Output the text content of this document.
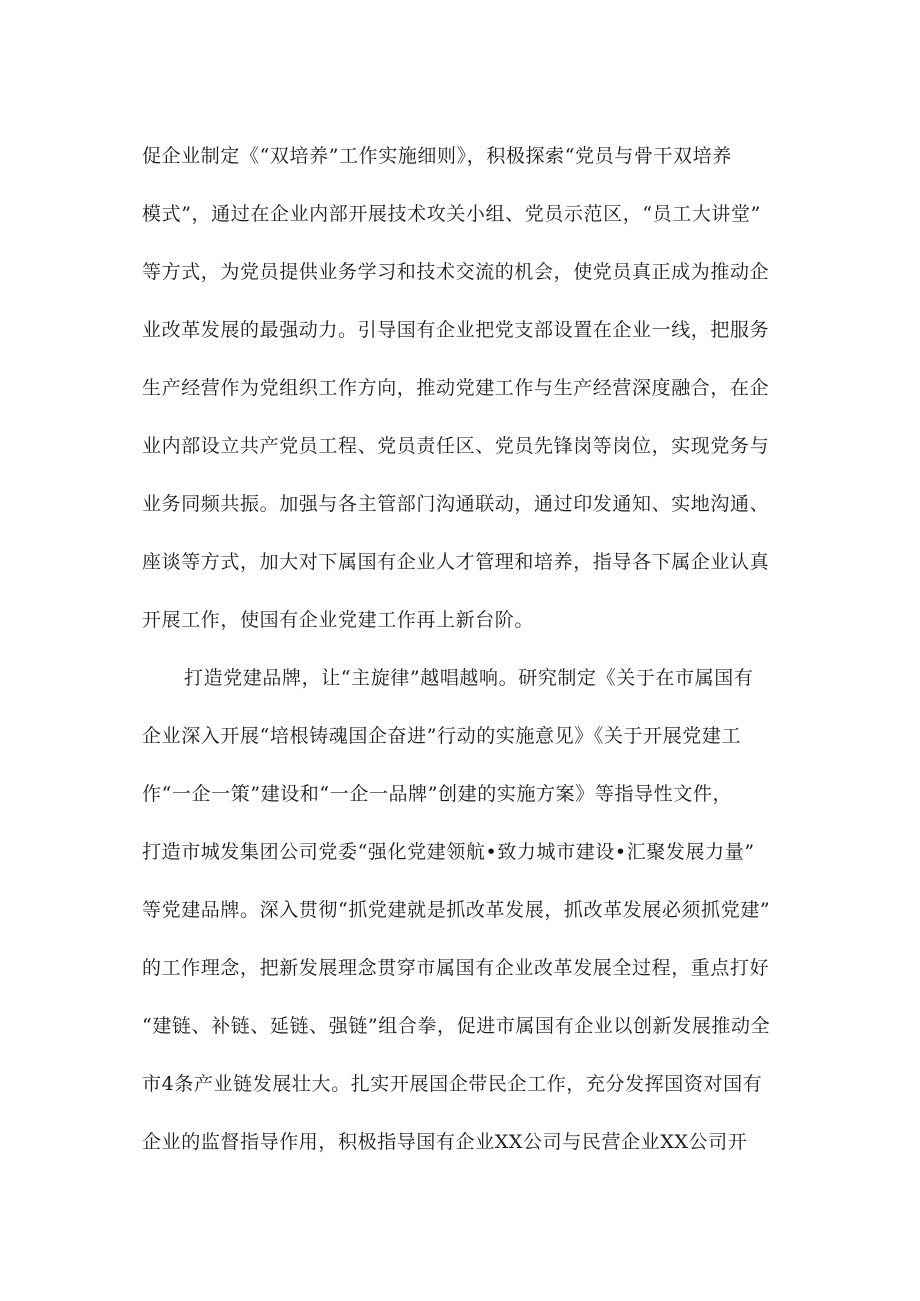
促企业制定《“双培养”工作实施细则》，积极探索“党员与骨干双培养
模式”，通过在企业内部开展技术攻关小组、党员示范区，“员工大讲堂”
等方式，为党员提供业务学习和技术交流的机会，使党员真正成为推动企
业改革发展的最强动力。引导国有企业把党支部设置在企业一线，把服务
生产经营作为党组织工作方向，推动党建工作与生产经营深度融合，在企
业内部设立共产党员工程、党员责任区、党员先锋岗等岗位，实现党务与
业务同频共振。加强与各主管部门沟通联动，通过印发通知、实地沟通、
座谈等方式，加大对下属国有企业人才管理和培养，指导各下属企业认真
开展工作，使国有企业党建工作再上新台阶。
打造党建品牌，让“主旋律”越唱越响。研究制定《关于在市属国有
企业深入开展“培根铸魂国企奋进”行动的实施意见》《关于开展党建工
作“一企一策”建设和“一企一品牌”创建的实施方案》等指导性文件，
打造市城发集团公司党委“强化党建领航•致力城市建设•汇聚发展力量”
等党建品牌。深入贯彻“抓党建就是抓改革发展，抓改革发展必须抓党建”
的工作理念，把新发展理念贯穿市属国有企业改革发展全过程，重点打好
“建链、补链、延链、强链”组合拳，促进市属国有企业以创新发展推动全
市4条产业链发展壮大。扎实开展国企带民企工作，充分发挥国资对国有
企业的监督指导作用，积极指导国有企业XX公司与民营企业XX公司开
